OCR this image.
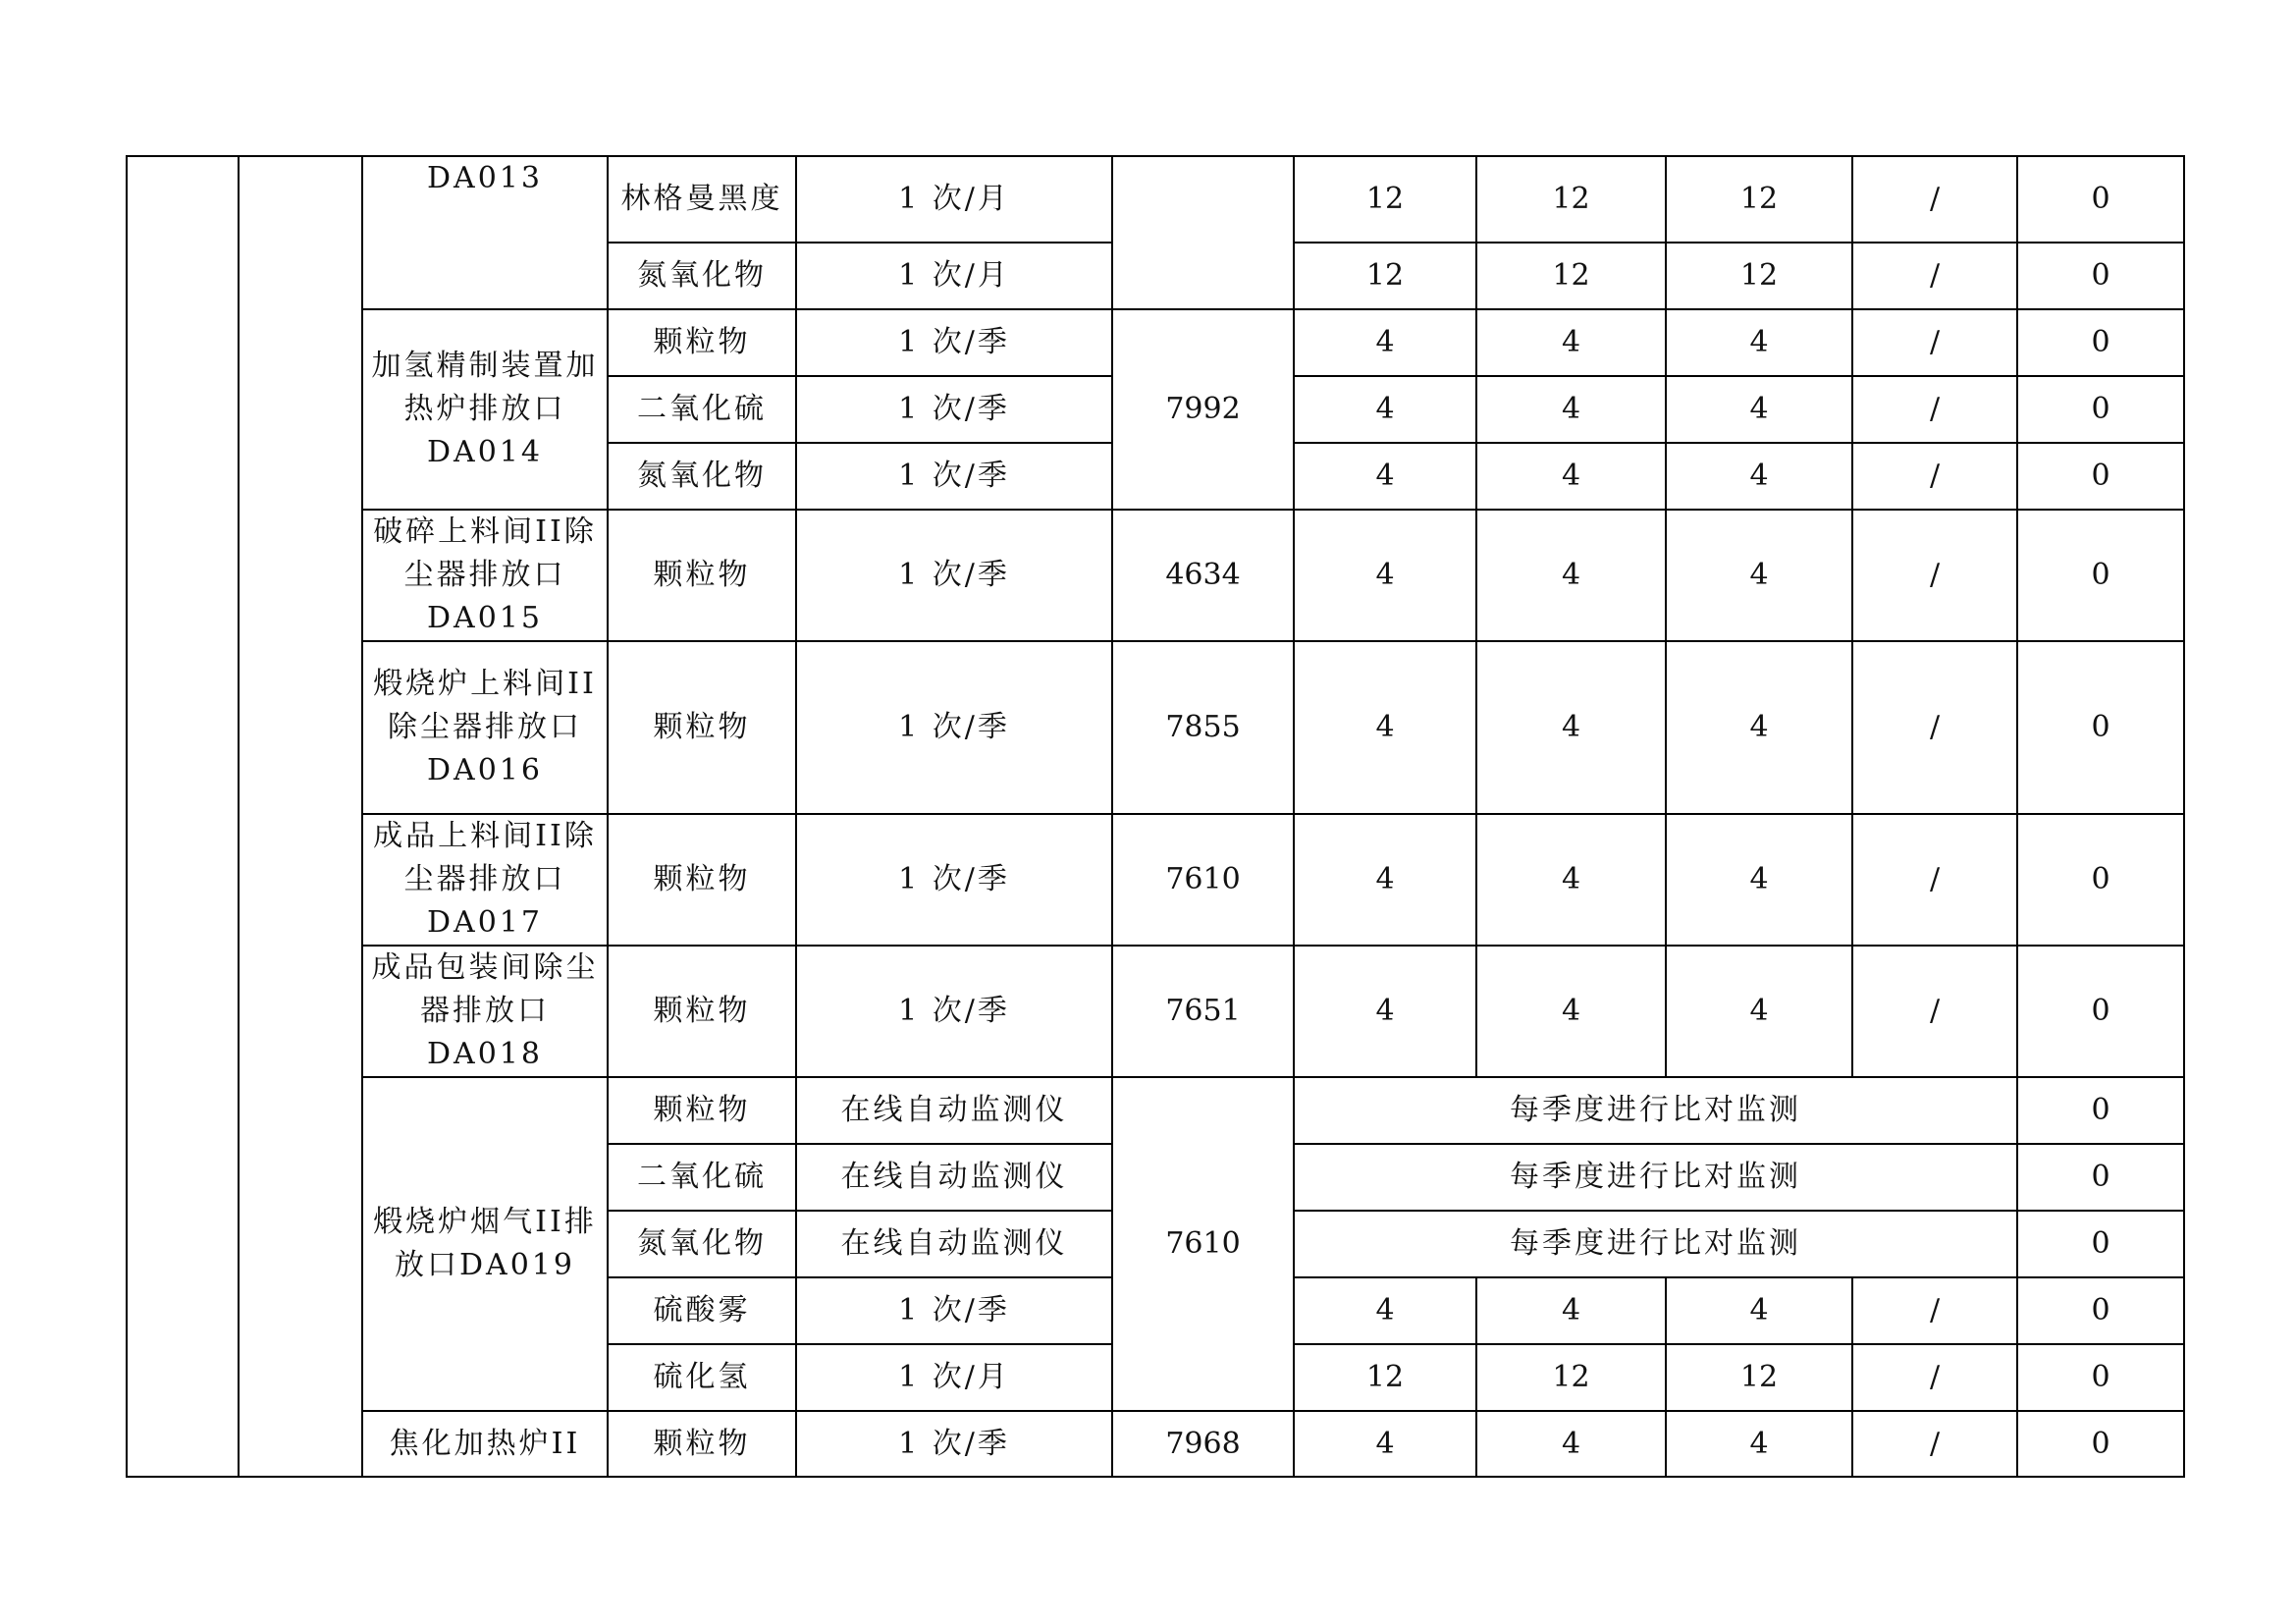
		DA013	林格曼黑度	1 次/月		12	12	12	/	0
			氮氧化物	1 次/月		12	12	12	/	0
		加氢精制装置加热炉排放口DA014	颗粒物	1 次/季	7992	4	4	4	/	0
			二氧化硫	1 次/季		4	4	4	/	0
			氮氧化物	1 次/季		4	4	4	/	0
		破碎上料间II除尘器排放口DA015	颗粒物	1 次/季	4634	4	4	4	/	0
		煅烧炉上料间II除尘器排放口DA016	颗粒物	1 次/季	7855	4	4	4	/	0
		成品上料间II除尘器排放口DA017	颗粒物	1 次/季	7610	4	4	4	/	0
		成品包装间除尘器排放口DA018	颗粒物	1 次/季	7651	4	4	4	/	0
		煅烧炉烟气II排放口DA019	颗粒物	在线自动监测仪	7610	每季度进行比对监测				0
			二氧化硫	在线自动监测仪		每季度进行比对监测				0
			氮氧化物	在线自动监测仪		每季度进行比对监测				0
			硫酸雾	1 次/季		4	4	4	/	0
			硫化氢	1 次/月		12	12	12	/	0
		焦化加热炉II	颗粒物	1 次/季	7968	4	4	4	/	0
